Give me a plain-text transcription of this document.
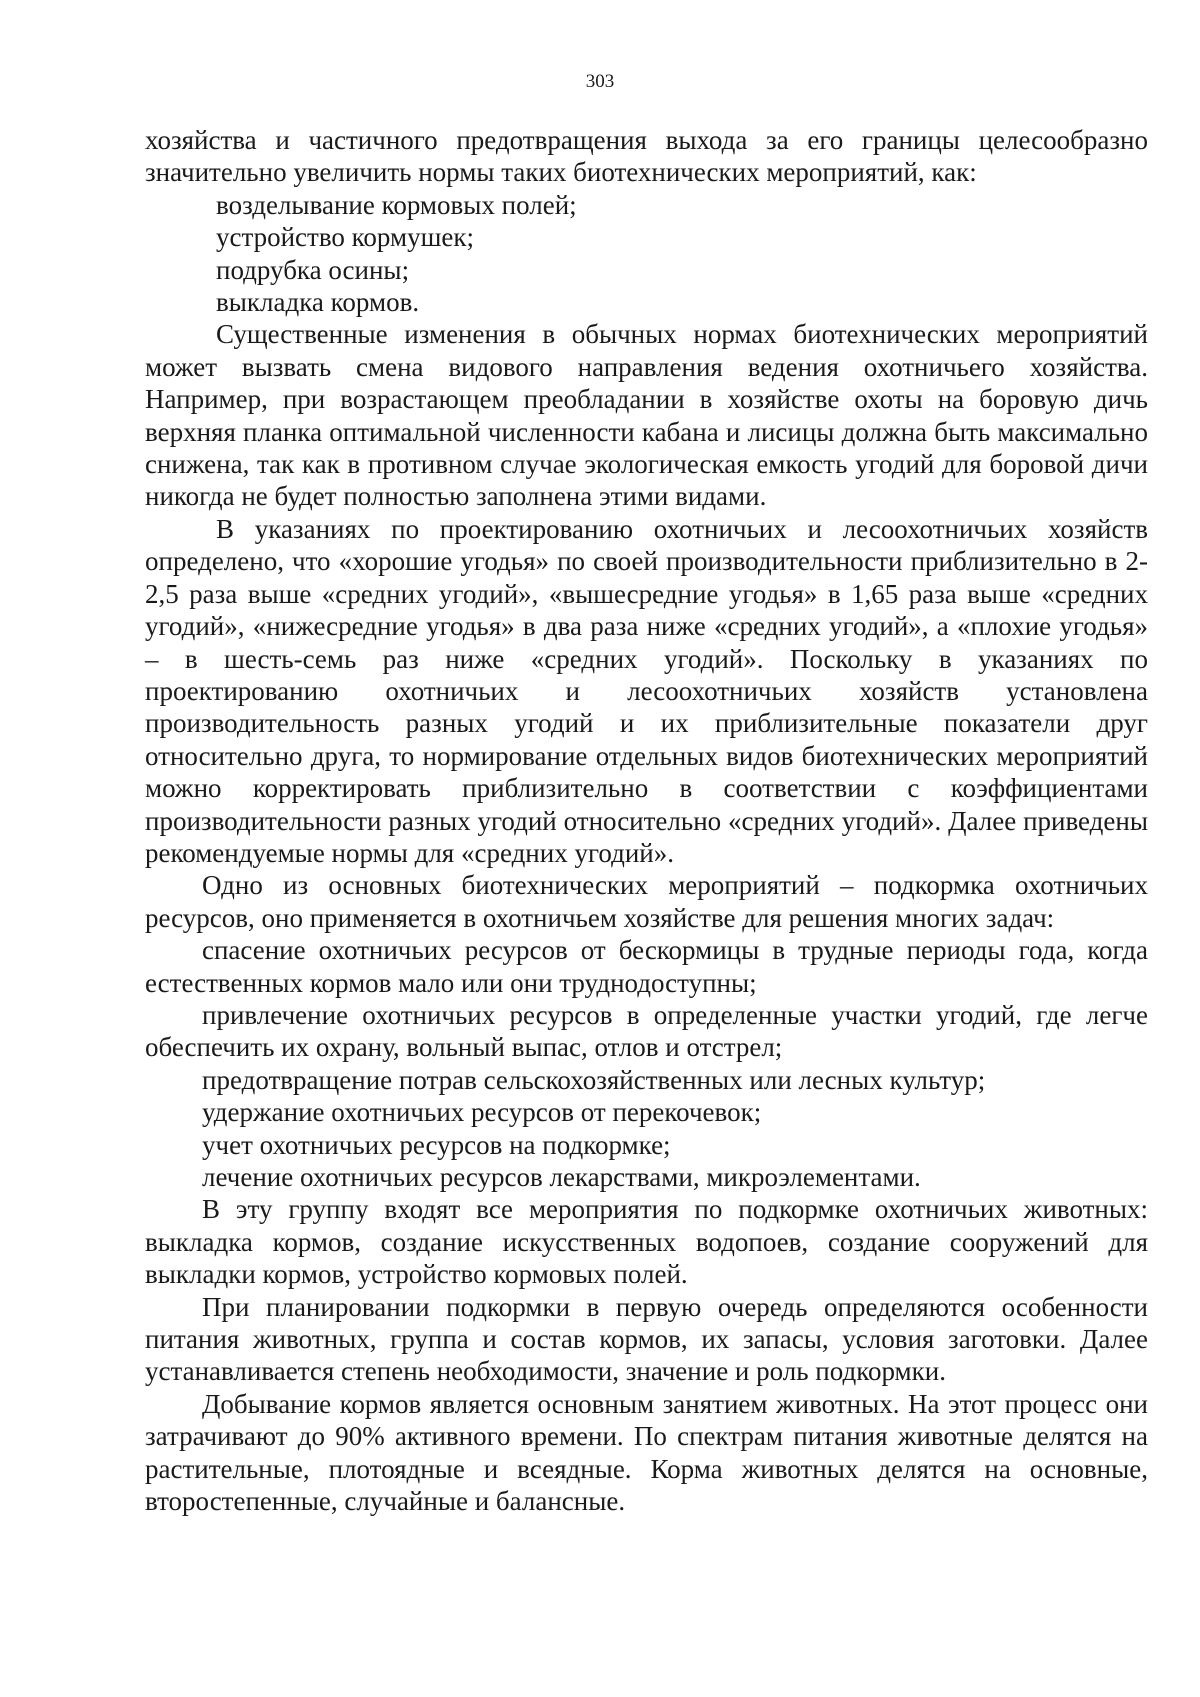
303

хозяйства и частичного предотвращения выхода за его границы целесообразно значительно увеличить нормы таких биотехнических мероприятий, как:

возделывание кормовых полей;
устройство кормушек;
подрубка осины;
выкладка кормов.

Существенные изменения в обычных нормах биотехнических мероприятий может вызвать смена видового направления ведения охотничьего хозяйства. Например, при возрастающем преобладании в хозяйстве охоты на боровую дичь верхняя планка оптимальной численности кабана и лисицы должна быть максимально снижена, так как в противном случае экологическая емкость угодий для боровой дичи никогда не будет полностью заполнена этими видами.

В указаниях по проектированию охотничьих и лесоохотничьих хозяйств определено, что «хорошие угодья» по своей производительности приблизительно в 2-2,5 раза выше «средних угодий», «вышесредние угодья» в 1,65 раза выше «средних угодий», «нижесредние угодья» в два раза ниже «средних угодий», а «плохие угодья» – в шесть-семь раз ниже «средних угодий». Поскольку в указаниях по проектированию охотничьих и лесоохотничьих хозяйств установлена производительность разных угодий и их приблизительные показатели друг относительно друга, то нормирование отдельных видов биотехнических мероприятий можно корректировать приблизительно в соответствии с коэффициентами производительности разных угодий относительно «средних угодий». Далее приведены рекомендуемые нормы для «средних угодий».

Одно из основных биотехнических мероприятий – подкормка охотничьих ресурсов, оно применяется в охотничьем хозяйстве для решения многих задач:

спасение охотничьих ресурсов от бескормицы в трудные периоды года, когда естественных кормов мало или они труднодоступны;

привлечение охотничьих ресурсов в определенные участки угодий, где легче обеспечить их охрану, вольный выпас, отлов и отстрел;

предотвращение потрав сельскохозяйственных или лесных культур;
удержание охотничьих ресурсов от перекочевок;
учет охотничьих ресурсов на подкормке;
лечение охотничьих ресурсов лекарствами, микроэлементами.

В эту группу входят все мероприятия по подкормке охотничьих животных: выкладка кормов, создание искусственных водопоев, создание сооружений для выкладки кормов, устройство кормовых полей.

При планировании подкормки в первую очередь определяются особенности питания животных, группа и состав кормов, их запасы, условия заготовки. Далее устанавливается степень необходимости, значение и роль подкормки.

Добывание кормов является основным занятием животных. На этот процесс они затрачивают до 90% активного времени. По спектрам питания животные делятся на растительные, плотоядные и всеядные. Корма животных делятся на основные, второстепенные, случайные и балансные.
